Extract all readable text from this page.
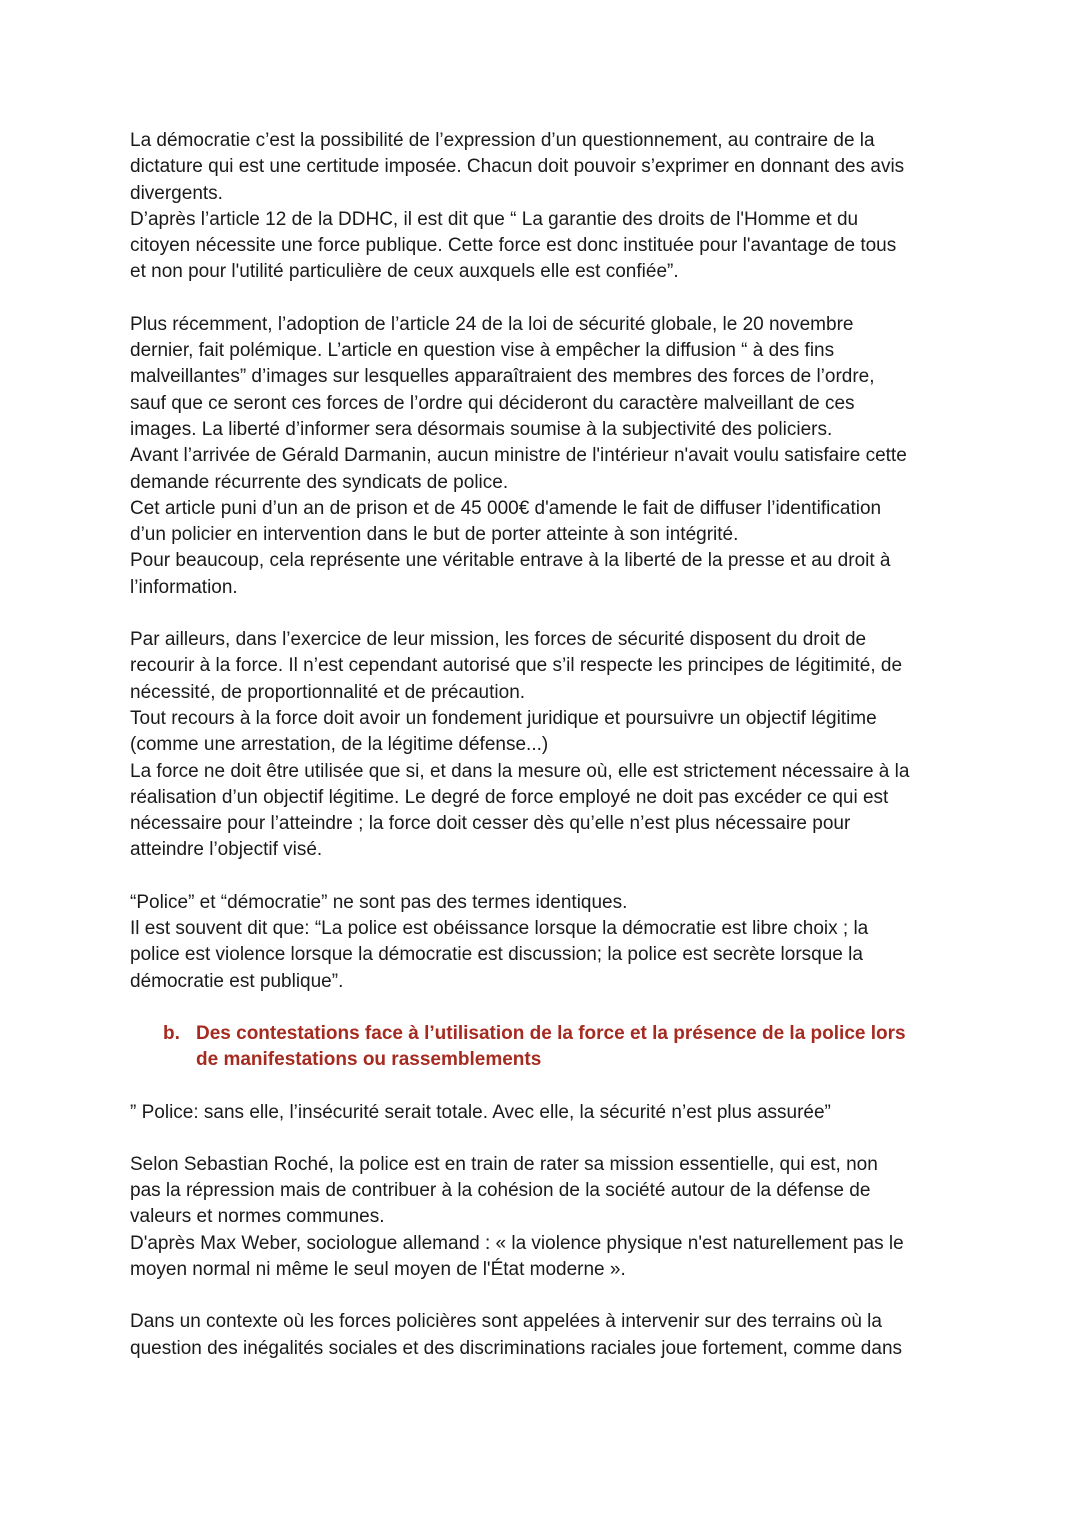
La démocratie c’est la possibilité de l’expression d’un questionnement, au contraire de la

dictature qui est une certitude imposée. Chacun doit pouvoir s’exprimer en donnant des avis

divergents.

D’après l’article 12 de la DDHC, il est dit que “ La garantie des droits de l'Homme et du

citoyen nécessite une force publique. Cette force est donc instituée pour l'avantage de tous

et non pour l'utilité particulière de ceux auxquels elle est confiée”.

Plus récemment, l’adoption de l’article 24 de la loi de sécurité globale, le 20 novembre

dernier, fait polémique. L’article en question vise à empêcher la diffusion “ à des fins

malveillantes” d’images sur lesquelles apparaîtraient des membres des forces de l’ordre,

sauf que ce seront ces forces de l’ordre qui décideront du caractère malveillant de ces

images. La liberté d’informer sera désormais soumise à la subjectivité des policiers.

Avant l’arrivée de Gérald Darmanin, aucun ministre de l'intérieur n'avait voulu satisfaire cette

demande récurrente des syndicats de police.

Cet article puni d’un an de prison et de 45 000€ d'amende le fait de diffuser l’identification

d’un policier en intervention dans le but de porter atteinte à son intégrité.

Pour beaucoup, cela représente une véritable entrave à la liberté de la presse et au droit à

l’information.

Par ailleurs, dans l’exercice de leur mission, les forces de sécurité disposent du droit de

recourir à la force. Il n’est cependant autorisé que s’il respecte les principes de légitimité, de

nécessité, de proportionnalité et de précaution.

Tout recours à la force doit avoir un fondement juridique et poursuivre un objectif légitime

(comme une arrestation, de la légitime défense...)

La force ne doit être utilisée que si, et dans la mesure où, elle est strictement nécessaire à la

réalisation d’un objectif légitime. Le degré de force employé ne doit pas excéder ce qui est

nécessaire pour l’atteindre ; la force doit cesser dès qu’elle n’est plus nécessaire pour

atteindre l’objectif visé.

“Police” et “démocratie” ne sont pas des termes identiques.

Il est souvent dit que: “La police est obéissance lorsque la démocratie est libre choix ; la

police est violence lorsque la démocratie est discussion; la police est secrète lorsque la

démocratie est publique”.

b. Des contestations face à l’utilisation de la force et la présence de la police lors
de manifestations ou rassemblements

” Police: sans elle, l’insécurité serait totale. Avec elle, la sécurité n’est plus assurée”

Selon Sebastian Roché, la police est en train de rater sa mission essentielle, qui est, non

pas la répression mais de contribuer à la cohésion de la société autour de la défense de

valeurs et normes communes.

D'après Max Weber, sociologue allemand : « la violence physique n'est naturellement pas le

moyen normal ni même le seul moyen de l'État moderne ».

Dans un contexte où les forces policières sont appelées à intervenir sur des terrains où la

question des inégalités sociales et des discriminations raciales joue fortement, comme dans
